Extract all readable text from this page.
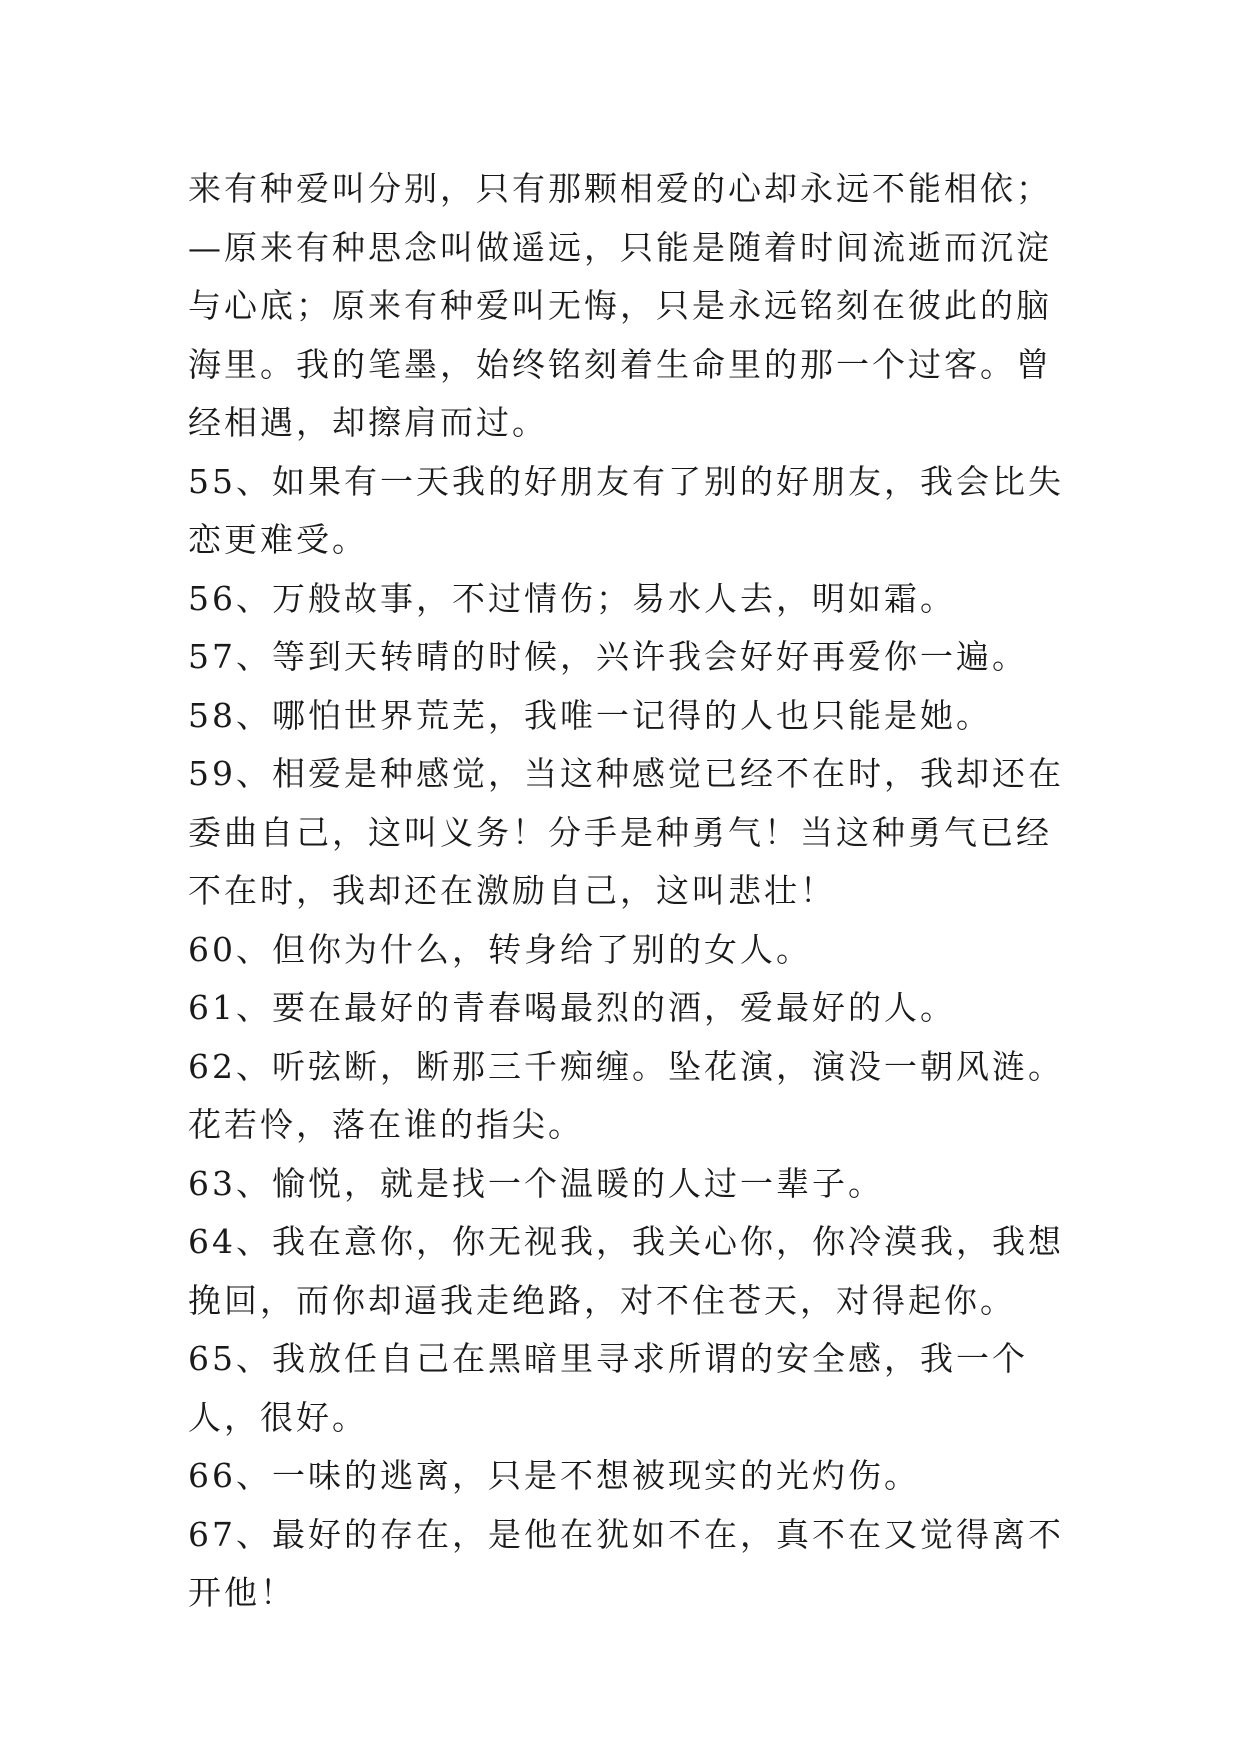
来有种爱叫分别，只有那颗相爱的心却永远不能相依；—原来有种思念叫做遥远，只能是随着时间流逝而沉淀与心底；原来有种爱叫无悔，只是永远铭刻在彼此的脑海里。我的笔墨，始终铭刻着生命里的那一个过客。曾经相遇，却擦肩而过。

55、如果有一天我的好朋友有了别的好朋友，我会比失恋更难受。

56、万般故事，不过情伤；易水人去，明如霜。

57、等到天转晴的时候，兴许我会好好再爱你一遍。

58、哪怕世界荒芜，我唯一记得的人也只能是她。

59、相爱是种感觉，当这种感觉已经不在时，我却还在委曲自己，这叫义务！分手是种勇气！当这种勇气已经不在时，我却还在激励自己，这叫悲壮！

60、但你为什么，转身给了别的女人。

61、要在最好的青春喝最烈的酒，爱最好的人。

62、听弦断，断那三千痴缠。坠花演，演没一朝风涟。花若怜，落在谁的指尖。

63、愉悦，就是找一个温暖的人过一辈子。

64、我在意你，你无视我，我关心你，你冷漠我，我想挽回，而你却逼我走绝路，对不住苍天，对得起你。

65、我放任自己在黑暗里寻求所谓的安全感，我一个人，很好。

66、一味的逃离，只是不想被现实的光灼伤。

67、最好的存在，是他在犹如不在，真不在又觉得离不开他！
